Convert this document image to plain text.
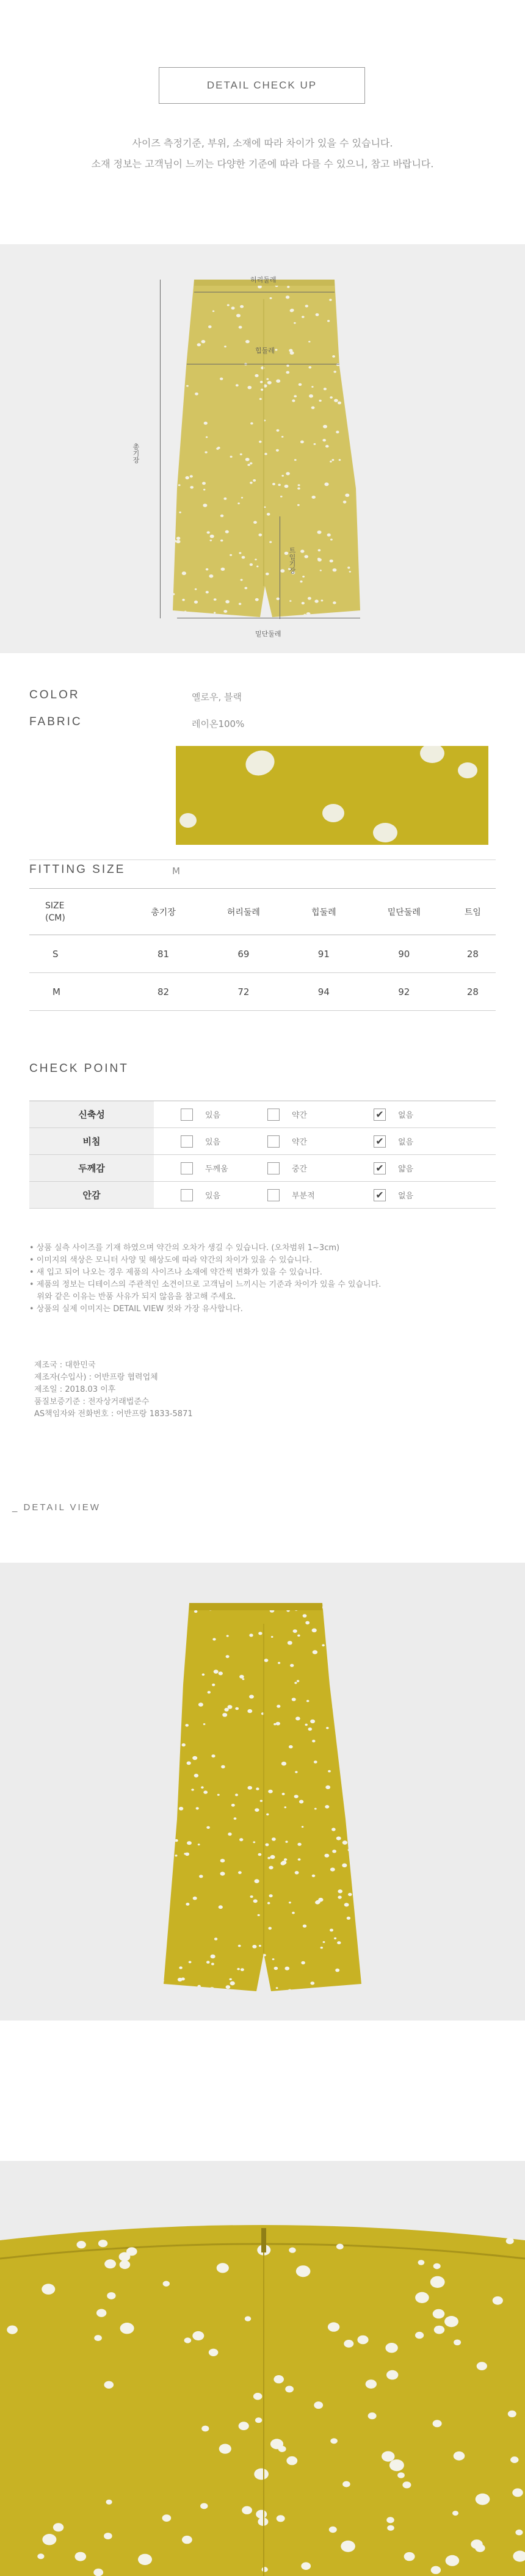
DETAIL CHECK UP
사이즈 측정기준, 부위, 소재에 따라 차이가 있을 수 있습니다.
소재 정보는 고객님이 느끼는 다양한 기준에 따라 다를 수 있으니, 참고 바랍니다.
허리둘레
힙둘레
총기장
트임기장
밑단둘레
COLOR	옐로우, 블랙
FABRIC	레이온100%
FITTING SIZE	M
SIZE
(CM)	총기장	허리둘레	힙둘레	밑단둘레	트임
S	81	69	91	90	28
M	82	72	94	92	28
CHECK POINT
신축성	있음	약간	✔ 없음

비침	있음	약간	✔ 없음

두께감	두께움	중간	✔ 얇음

안감	있음	부분적	✔ 없음
• 상품 실측 사이즈를 기재 하였으며 약간의 오차가 생길 수 있습니다. (오차범위 1~3cm)
• 이미지의 색상은 모니터 사양 및 해상도에 따라 약간의 차이가 있을 수 있습니다.
• 새 입고 되어 나오는 경우 제품의 사이즈나 소재에 약간씩 변화가 있을 수 있습니다.
• 제품의 정보는 디테이스의 주관적인 소견이므로 고객님이 느끼시는 기준과 차이가 있을 수 있습니다.
위와 같은 이유는 반품 사유가 되지 않음을 참고해 주세요.
• 상품의 실제 이미지는 DETAIL VIEW 컷와 가장 유사합니다.
제조국 : 대한민국
제조자(수입사) : 어반프랑 협력업체
제조일 : 2018.03 이후
품질보증기준 : 전자상거래법준수
AS책임자와 전화번호 : 어반프랑 1833-5871
_ DETAIL VIEW
